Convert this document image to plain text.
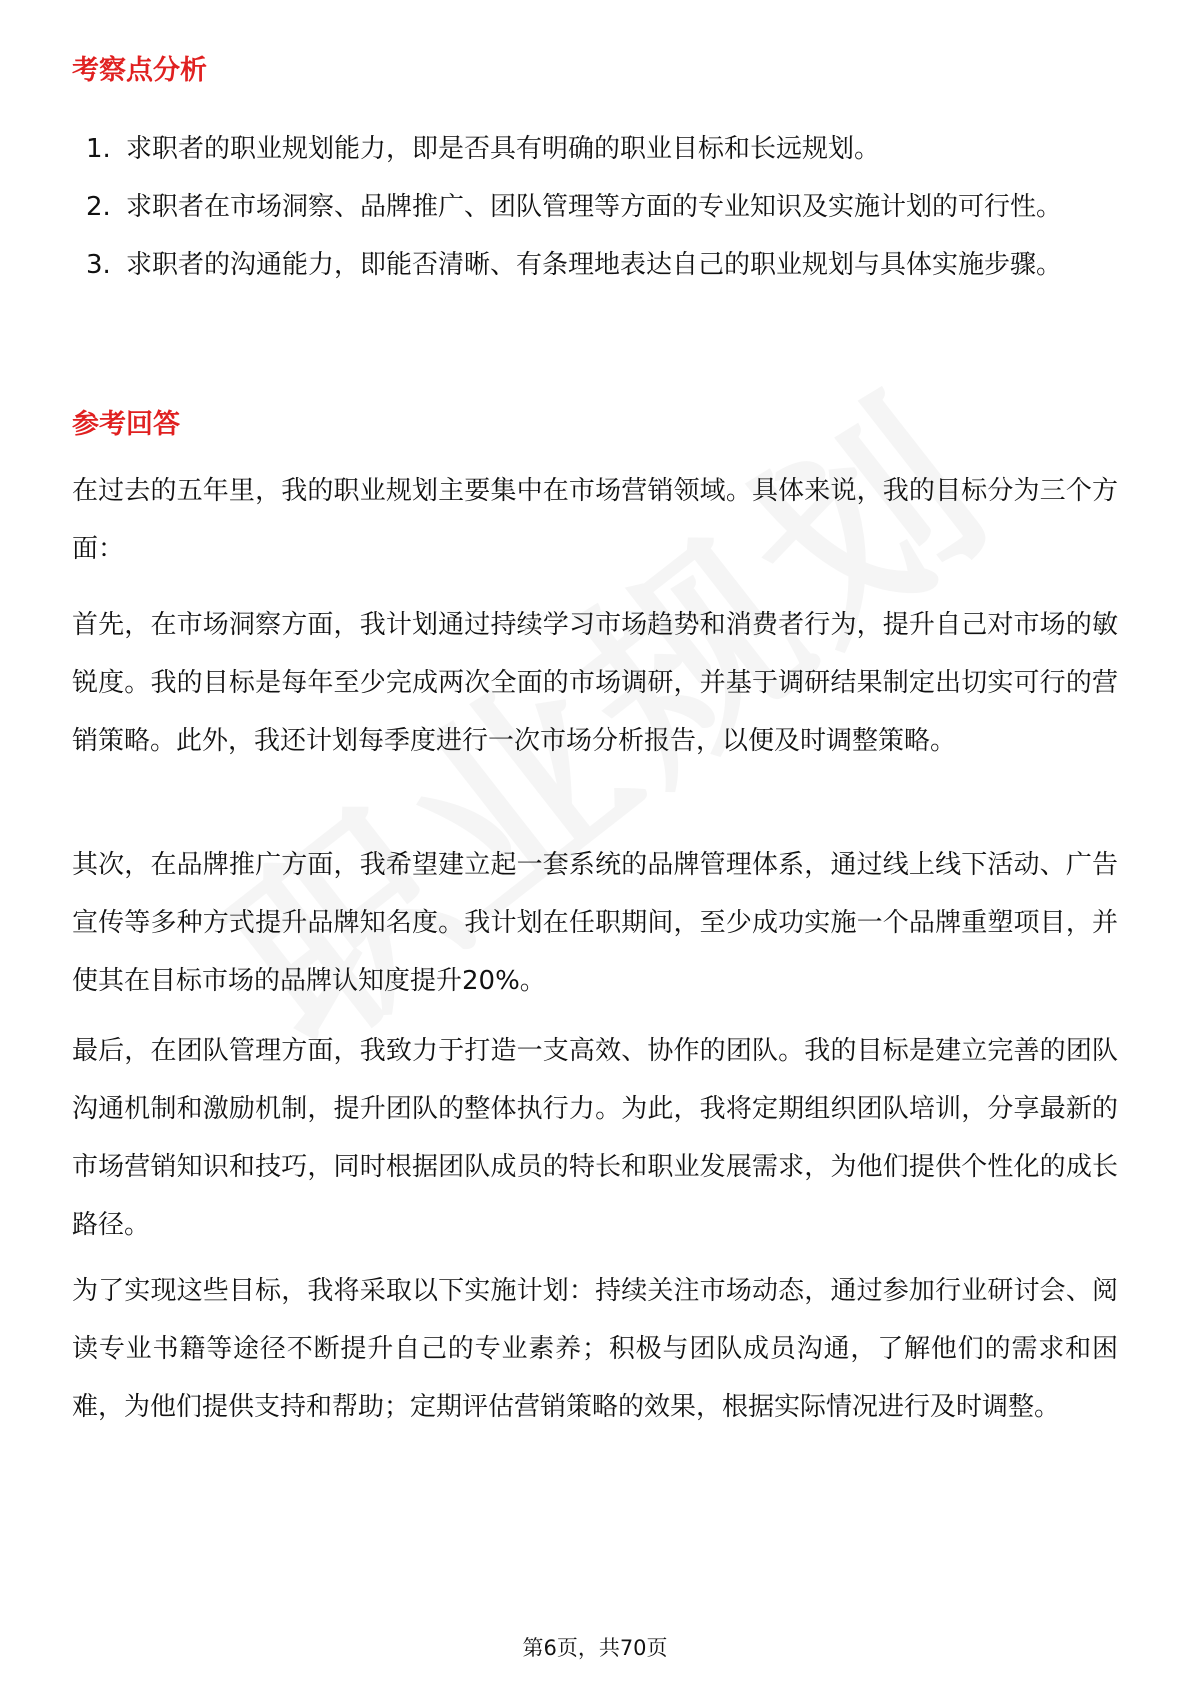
考察点分析
1. 求职者的职业规划能力，即是否具有明确的职业目标和长远规划。
2. 求职者在市场洞察、品牌推广、团队管理等方面的专业知识及实施计划的可行性。
3. 求职者的沟通能力，即能否清晰、有条理地表达自己的职业规划与具体实施步骤。
参考回答

在过去的五年里，我的职业规划主要集中在市场营销领域。具体来说，我的目标分为三个方面：

首先，在市场洞察方面，我计划通过持续学习市场趋势和消费者行为，提升自己对市场的敏锐度。我的目标是每年至少完成两次全面的市场调研，并基于调研结果制定出切实可行的营销策略。此外，我还计划每季度进行一次市场分析报告，以便及时调整策略。

其次，在品牌推广方面，我希望建立起一套系统的品牌管理体系，通过线上线下活动、广告宣传等多种方式提升品牌知名度。我计划在任职期间，至少成功实施一个品牌重塑项目，并使其在目标市场的品牌认知度提升20%。

最后，在团队管理方面，我致力于打造一支高效、协作的团队。我的目标是建立完善的团队沟通机制和激励机制，提升团队的整体执行力。为此，我将定期组织团队培训，分享最新的市场营销知识和技巧，同时根据团队成员的特长和职业发展需求，为他们提供个性化的成长路径。

为了实现这些目标，我将采取以下实施计划：持续关注市场动态，通过参加行业研讨会、阅读专业书籍等途径不断提升自己的专业素养；积极与团队成员沟通，了解他们的需求和困难，为他们提供支持和帮助；定期评估营销策略的效果，根据实际情况进行及时调整。

第6页，共70页
